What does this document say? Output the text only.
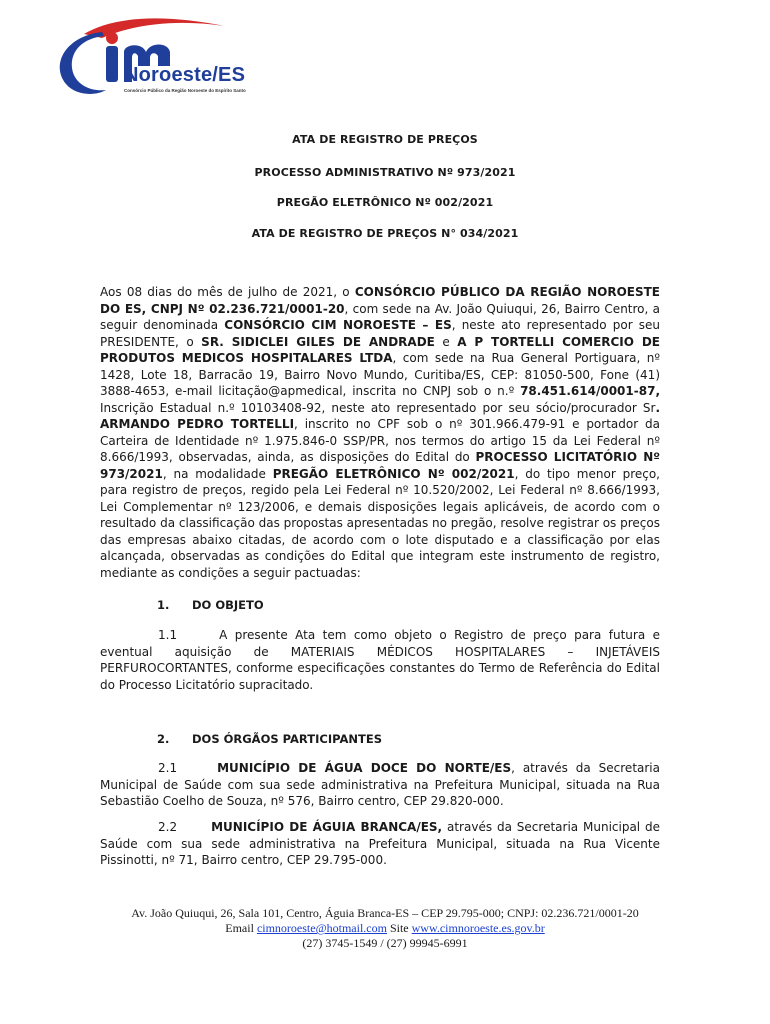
Noroeste/ES
Consórcio Público da Região Noroeste do Espírito Santo
ATA DE REGISTRO DE PREÇOS
PROCESSO ADMINISTRATIVO Nº 973/2021
PREGÃO ELETRÔNICO Nº 002/2021
ATA DE REGISTRO DE PREÇOS N° 034/2021
Aos 08 dias do mês de julho de 2021, o CONSÓRCIO PÚBLICO DA REGIÃO NOROESTE DO ES, CNPJ Nº 02.236.721/0001-20, com sede na Av. João Quiuqui, 26, Bairro Centro, a seguir denominada CONSÓRCIO CIM NOROESTE – ES, neste ato representado por seu PRESIDENTE, o SR. SIDICLEI GILES DE ANDRADE e A P TORTELLI COMERCIO DE PRODUTOS MEDICOS HOSPITALARES LTDA, com sede na Rua General Portiguara, nº 1428, Lote 18, Barracão 19, Bairro Novo Mundo, Curitiba/ES, CEP: 81050-500, Fone (41) 3888-4653, e-mail licitação@apmedical, inscrita no CNPJ sob o n.º 78.451.614/0001-87, Inscrição Estadual n.º 10103408-92, neste ato representado por seu sócio/procurador Sr. ARMANDO PEDRO TORTELLI, inscrito no CPF sob o nº 301.966.479-91 e portador da Carteira de Identidade nº 1.975.846-0 SSP/PR, nos termos do artigo 15 da Lei Federal nº 8.666/1993, observadas, ainda, as disposições do Edital do PROCESSO LICITATÓRIO Nº 973/2021, na modalidade PREGÃO ELETRÔNICO Nº 002/2021, do tipo menor preço, para registro de preços, regido pela Lei Federal nº 10.520/2002, Lei Federal nº 8.666/1993, Lei Complementar nº 123/2006, e demais disposições legais aplicáveis, de acordo com o resultado da classificação das propostas apresentadas no pregão, resolve registrar os preços das empresas abaixo citadas, de acordo com o lote disputado e a classificação por elas alcançada, observadas as condições do Edital que integram este instrumento de registro, mediante as condições a seguir pactuadas:
1. DO OBJETO
1.1	A presente Ata tem como objeto o Registro de preço para futura e eventual aquisição de MATERIAIS MÉDICOS HOSPITALARES – INJETÁVEIS PERFUROCORTANTES, conforme especificações constantes do Termo de Referência do Edital do Processo Licitatório supracitado.
2. DOS ÓRGÃOS PARTICIPANTES
2.1	MUNICÍPIO DE ÁGUA DOCE DO NORTE/ES, através da Secretaria Municipal de Saúde com sua sede administrativa na Prefeitura Municipal, situada na Rua Sebastião Coelho de Souza, nº 576, Bairro centro, CEP 29.820-000.
2.2	MUNICÍPIO DE ÁGUIA BRANCA/ES, através da Secretaria Municipal de Saúde com sua sede administrativa na Prefeitura Municipal, situada na Rua Vicente Pissinotti, nº 71, Bairro centro, CEP 29.795-000.
Av. João Quiuqui, 26, Sala 101, Centro, Águia Branca-ES – CEP 29.795-000; CNPJ: 02.236.721/0001-20
Email cimnoroeste@hotmail.com Site www.cimnoroeste.es.gov.br
(27) 3745-1549 / (27) 99945-6991
